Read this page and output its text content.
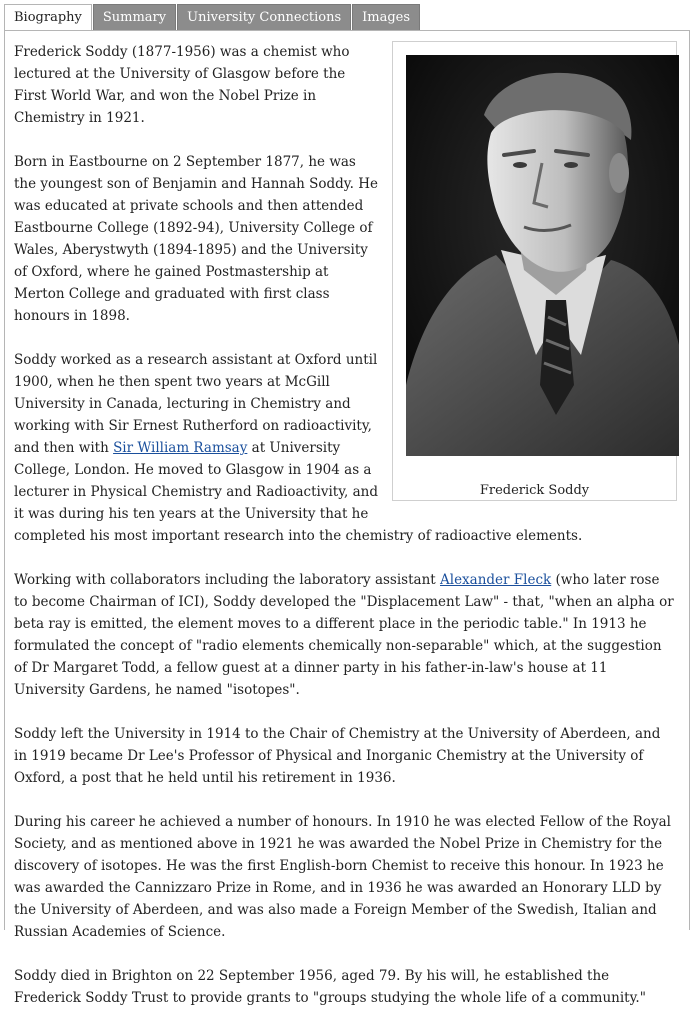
Biography	Summary	University Connections	Images
Frederick Soddy

Frederick Soddy (1877-1956) was a chemist who lectured at the University of Glasgow before the First World War, and won the Nobel Prize in Chemistry in 1921.

Born in Eastbourne on 2 September 1877, he was the youngest son of Benjamin and Hannah Soddy. He was educated at private schools and then attended Eastbourne College (1892-94), University College of Wales, Aberystwyth (1894-1895) and the University of Oxford, where he gained Postmastership at Merton College and graduated with first class honours in 1898.

Soddy worked as a research assistant at Oxford until 1900, when he then spent two years at McGill University in Canada, lecturing in Chemistry and working with Sir Ernest Rutherford on radioactivity, and then with Sir William Ramsay at University College, London. He moved to Glasgow in 1904 as a lecturer in Physical Chemistry and Radioactivity, and it was during his ten years at the University that he completed his most important research into the chemistry of radioactive elements.

Working with collaborators including the laboratory assistant Alexander Fleck (who later rose to become Chairman of ICI), Soddy developed the "Displacement Law" - that, "when an alpha or beta ray is emitted, the element moves to a different place in the periodic table." In 1913 he formulated the concept of "radio elements chemically non-separable" which, at the suggestion of Dr Margaret Todd, a fellow guest at a dinner party in his father-in-law's house at 11 University Gardens, he named "isotopes".

Soddy left the University in 1914 to the Chair of Chemistry at the University of Aberdeen, and in 1919 became Dr Lee's Professor of Physical and Inorganic Chemistry at the University of Oxford, a post that he held until his retirement in 1936.

During his career he achieved a number of honours. In 1910 he was elected Fellow of the Royal Society, and as mentioned above in 1921 he was awarded the Nobel Prize in Chemistry for the discovery of isotopes. He was the first English-born Chemist to receive this honour. In 1923 he was awarded the Cannizzaro Prize in Rome, and in 1936 he was awarded an Honorary LLD by the University of Aberdeen, and was also made a Foreign Member of the Swedish, Italian and Russian Academies of Science.

Soddy died in Brighton on 22 September 1956, aged 79. By his will, he established the Frederick Soddy Trust to provide grants to "groups studying the whole life of a community."
